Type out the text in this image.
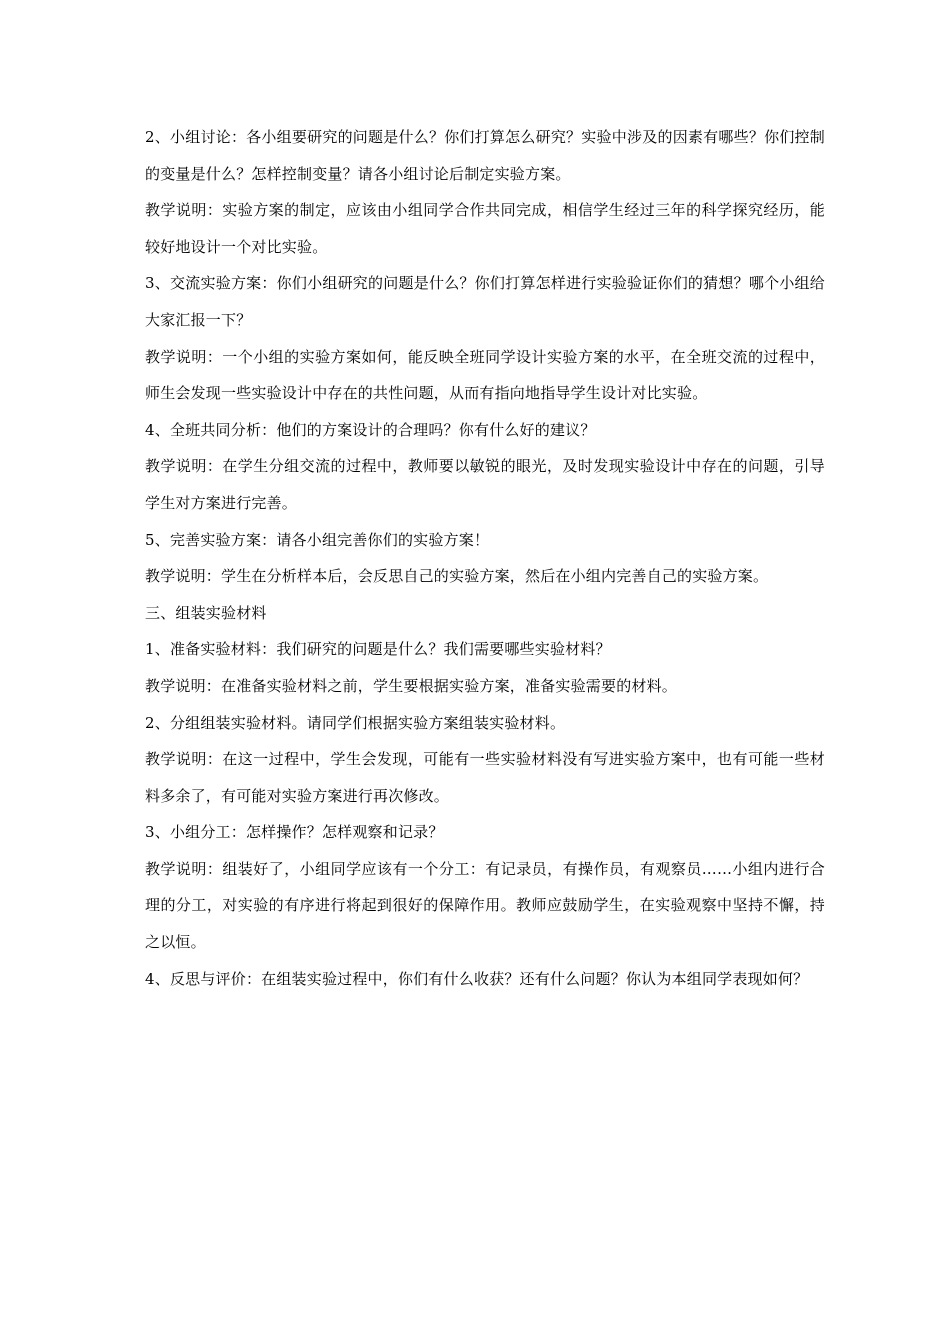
2、小组讨论：各小组要研究的问题是什么？你们打算怎么研究？实验中涉及的因素有哪些？你们控制的变量是什么？怎样控制变量？请各小组讨论后制定实验方案。

教学说明：实验方案的制定，应该由小组同学合作共同完成，相信学生经过三年的科学探究经历，能较好地设计一个对比实验。

3、交流实验方案：你们小组研究的问题是什么？你们打算怎样进行实验验证你们的猜想？哪个小组给大家汇报一下？

教学说明：一个小组的实验方案如何，能反映全班同学设计实验方案的水平，在全班交流的过程中，师生会发现一些实验设计中存在的共性问题，从而有指向地指导学生设计对比实验。

4、全班共同分析：他们的方案设计的合理吗？你有什么好的建议？

教学说明：在学生分组交流的过程中，教师要以敏锐的眼光，及时发现实验设计中存在的问题，引导学生对方案进行完善。

5、完善实验方案：请各小组完善你们的实验方案！

教学说明：学生在分析样本后，会反思自己的实验方案，然后在小组内完善自己的实验方案。

三、组装实验材料

1、准备实验材料：我们研究的问题是什么？我们需要哪些实验材料？

教学说明：在准备实验材料之前，学生要根据实验方案，准备实验需要的材料。

2、分组组装实验材料。请同学们根据实验方案组装实验材料。

教学说明：在这一过程中，学生会发现，可能有一些实验材料没有写进实验方案中，也有可能一些材料多余了，有可能对实验方案进行再次修改。

3、小组分工：怎样操作？怎样观察和记录？

教学说明：组装好了，小组同学应该有一个分工：有记录员，有操作员，有观察员……小组内进行合理的分工，对实验的有序进行将起到很好的保障作用。教师应鼓励学生，在实验观察中坚持不懈，持之以恒。

4、反思与评价：在组装实验过程中，你们有什么收获？还有什么问题？你认为本组同学表现如何？
